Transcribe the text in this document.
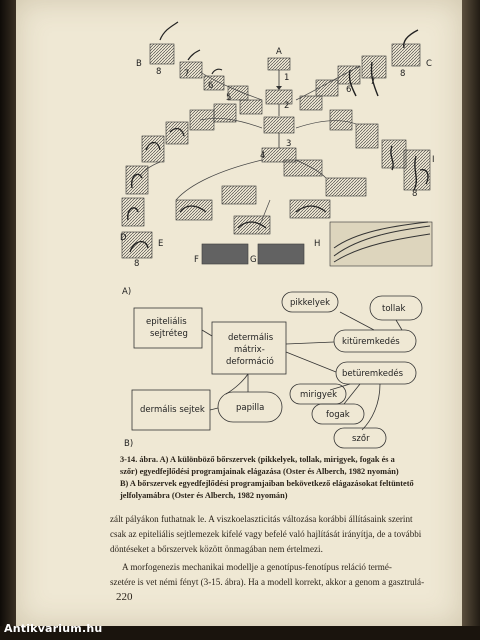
A
B	C
D
E
F	G
H
I
1
2
3
4
5
6
7
8	8
7
6
8
8
A)
epiteliális
sejtréteg	determális
mátrix-
deformáció
dermális sejtek	papilla
pikkelyek
tollak
kitüremkedés
betüremkedés
mirigyek
fogak
szőr
B)
3-14. ábra. A) A különböző bőrszervek (pikkelyek, tollak, mirigyek, fogak és a
szőr) egyedfejlődési programjainak elágazása (Oster és Alberch, 1982 nyomán)
B) A bőrszervek egyedfejlődési programjaiban bekövetkező elágazásokat feltüntető
jelfolyamábra (Oster és Alberch, 1982 nyomán)
zált pályákon futhatnak le. A viszkoelaszticitás változása korábbi állításaink szerint
csak az epiteliális sejtlemezek kifelé vagy befelé való hajlítását irányítja, de a további
döntéseket a bőrszervek között önmagában nem értelmezi.
A morfogenezis mechanikai modellje a genotípus-fenotípus reláció termé-
szetére is vet némi fényt (3-15. ábra). Ha a modell korrekt, akkor a genom a gasztrulá-
220
Antikvarium.hu
